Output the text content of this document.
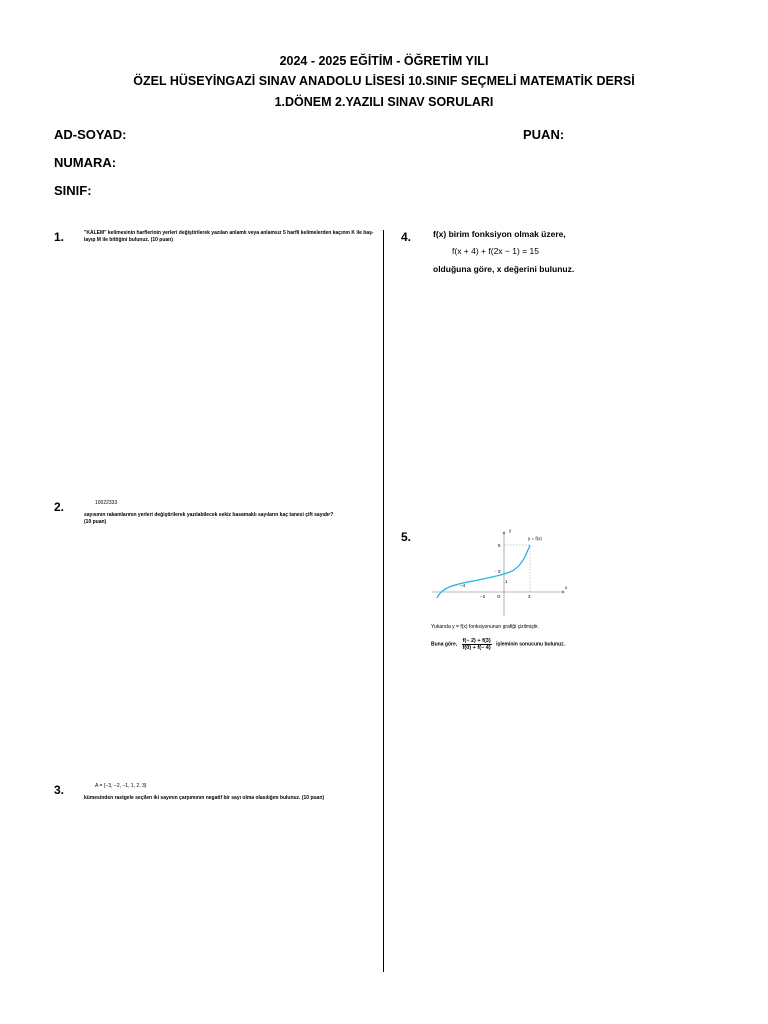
2024 - 2025 EĞİTİM - ÖĞRETİM YILI
ÖZEL HÜSEYİNGAZİ SINAV ANADOLU LİSESİ 10.SINIF SEÇMELİ MATEMATİK DERSİ
1.DÖNEM 2.YAZILI SINAV SORULARI
AD-SOYAD:	PUAN:
NUMARA:
SINIF:
1.	"KALEM" kelimesinin harflerinin yerleri değiştirilerek yazılan anlamlı veya anlamsız 5 harfli kelimelerden kaçının K ile baş-
layıp M ile bittiğini bulunuz. (10 puan)
2.	10022333
sayısının rakamlarının yerleri değiştirilerek yazılabilecek sekiz basamaklı sayıların kaç tanesi çift sayıdır?
(10 puan)
3.	A = {−3, −2, −1, 1, 2, 3}
kümesinden rastgele seçilen iki sayının çarpımının negatif bir sayı olma olasılığını bulunuz. (10 puan)
4.	f(x) birim fonksiyon olmak üzere,
f(x + 4) + f(2x − 1) = 15
olduğuna göre, x değerini bulunuz.
5.	y
x
y = f(x)
5
2
1
−4
−2	O	3
Yukarıda y = f(x) fonksiyonunun grafiği çizilmiştir.
Buna göre, $\frac{f(- 2) + f(3)}{f(0) + f(- 4)}$ işleminin sonucunu bulunuz.
